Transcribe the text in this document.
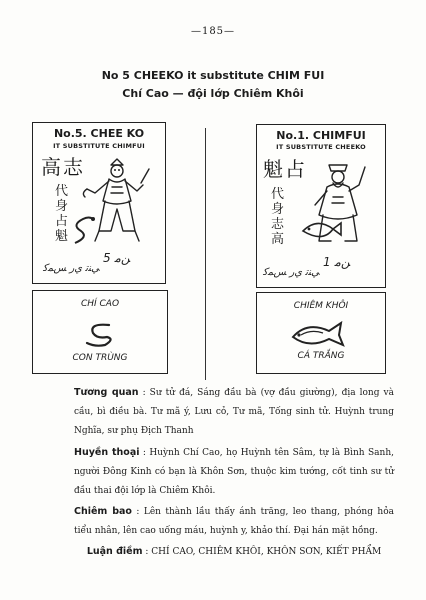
—185—
No 5 CHEEKO it substitute CHIM FUI
Chí Cao — đội lớp Chiêm Khôi
No.5. CHEE KO
IT SUBSTITUTE CHIMFUI
高志
代
身
占
魁
5 ﻦﻣ
ﻲﻨﺗ ﻱﺭ ﺲﻤﻛ
No.1. CHIMFUI
IT SUBSTITUTE CHEEKO
魁占
代
身
志
高
1 ﻦﻣ
ﻲﻨﺗ ﻱﺭ ﺲﻤﻛ
CHÍ CAO
CON TRÙNG
CHIÊM KHÔI
CÁ TRẮNG
Tương quan : Sư tử đá, Sáng đầu bà (vợ đầu giường), địa long và cầu, bì điều bà. Tư mã ý, Lưu cỏ, Tư mã, Tống sinh tử. Huỳnh trung Nghĩa, sư phụ Địch Thanh
Huyền thoại : Huỳnh Chí Cao, họ Huỳnh tên Sâm, tự là Bình Sanh, người Đông Kinh có bạn là Khôn Sơn, thuộc kim tướng, cốt tinh sư tử đầu thai đội lớp là Chiêm Khôi.
Chiêm bao : Lên thành lầu thấy ánh trăng, leo thang, phóng hỏa tiểu nhân, lên cao uống máu, huỳnh y, khảo thí. Đại hán mặt hồng.
Luận điềm : CHÍ CAO, CHIÊM KHÔI, KHÔN SƠN, KIẾT PHẨM
